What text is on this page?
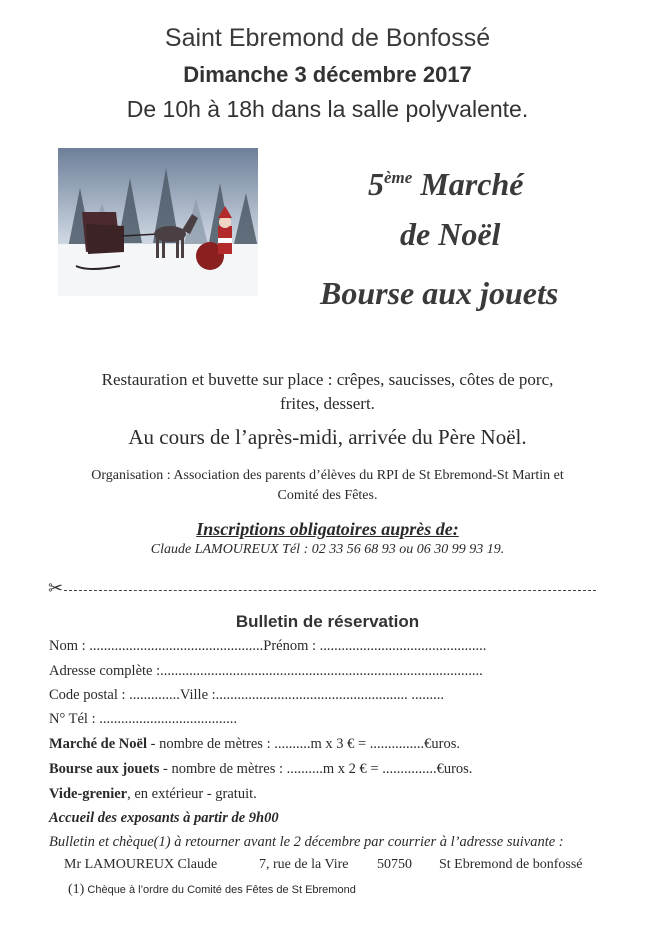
Saint Ebremond de Bonfossé
Dimanche 3 décembre 2017
De 10h à 18h dans la salle polyvalente.
5ème Marché
de Noël
Bourse aux jouets
Restauration et buvette sur place : crêpes, saucisses, côtes de porc,
frites, dessert.
Au cours de l’après-midi, arrivée du Père Noël.
Organisation : Association des parents d’élèves du RPI de St Ebremond-St Martin et
Comité des Fêtes.
Inscriptions obligatoires auprès de:
Claude LAMOUREUX Tél : 02 33 56 68 93 ou 06 30 99 93 19.
✂
Bulletin de réservation
Nom : ................................................Prénom : ..............................................
Adresse complète :.........................................................................................
Code postal : ..............Ville :..................................................... .........
N° Tél : ......................................
Marché de Noël - nombre de mètres : ..........m x 3 € = ...............€uros.
Bourse aux jouets - nombre de mètres : ..........m x 2 € = ...............€uros.
Vide-grenier, en extérieur - gratuit.
Accueil des exposants à partir de 9h00
Bulletin et chèque(1) à retourner avant le 2 décembre par courrier à l’adresse suivante :
Mr LAMOUREUX Claude	7, rue de la Vire 50750 St Ebremond de bonfossé
(1) Chèque à l’ordre du Comité des Fêtes de St Ebremond
